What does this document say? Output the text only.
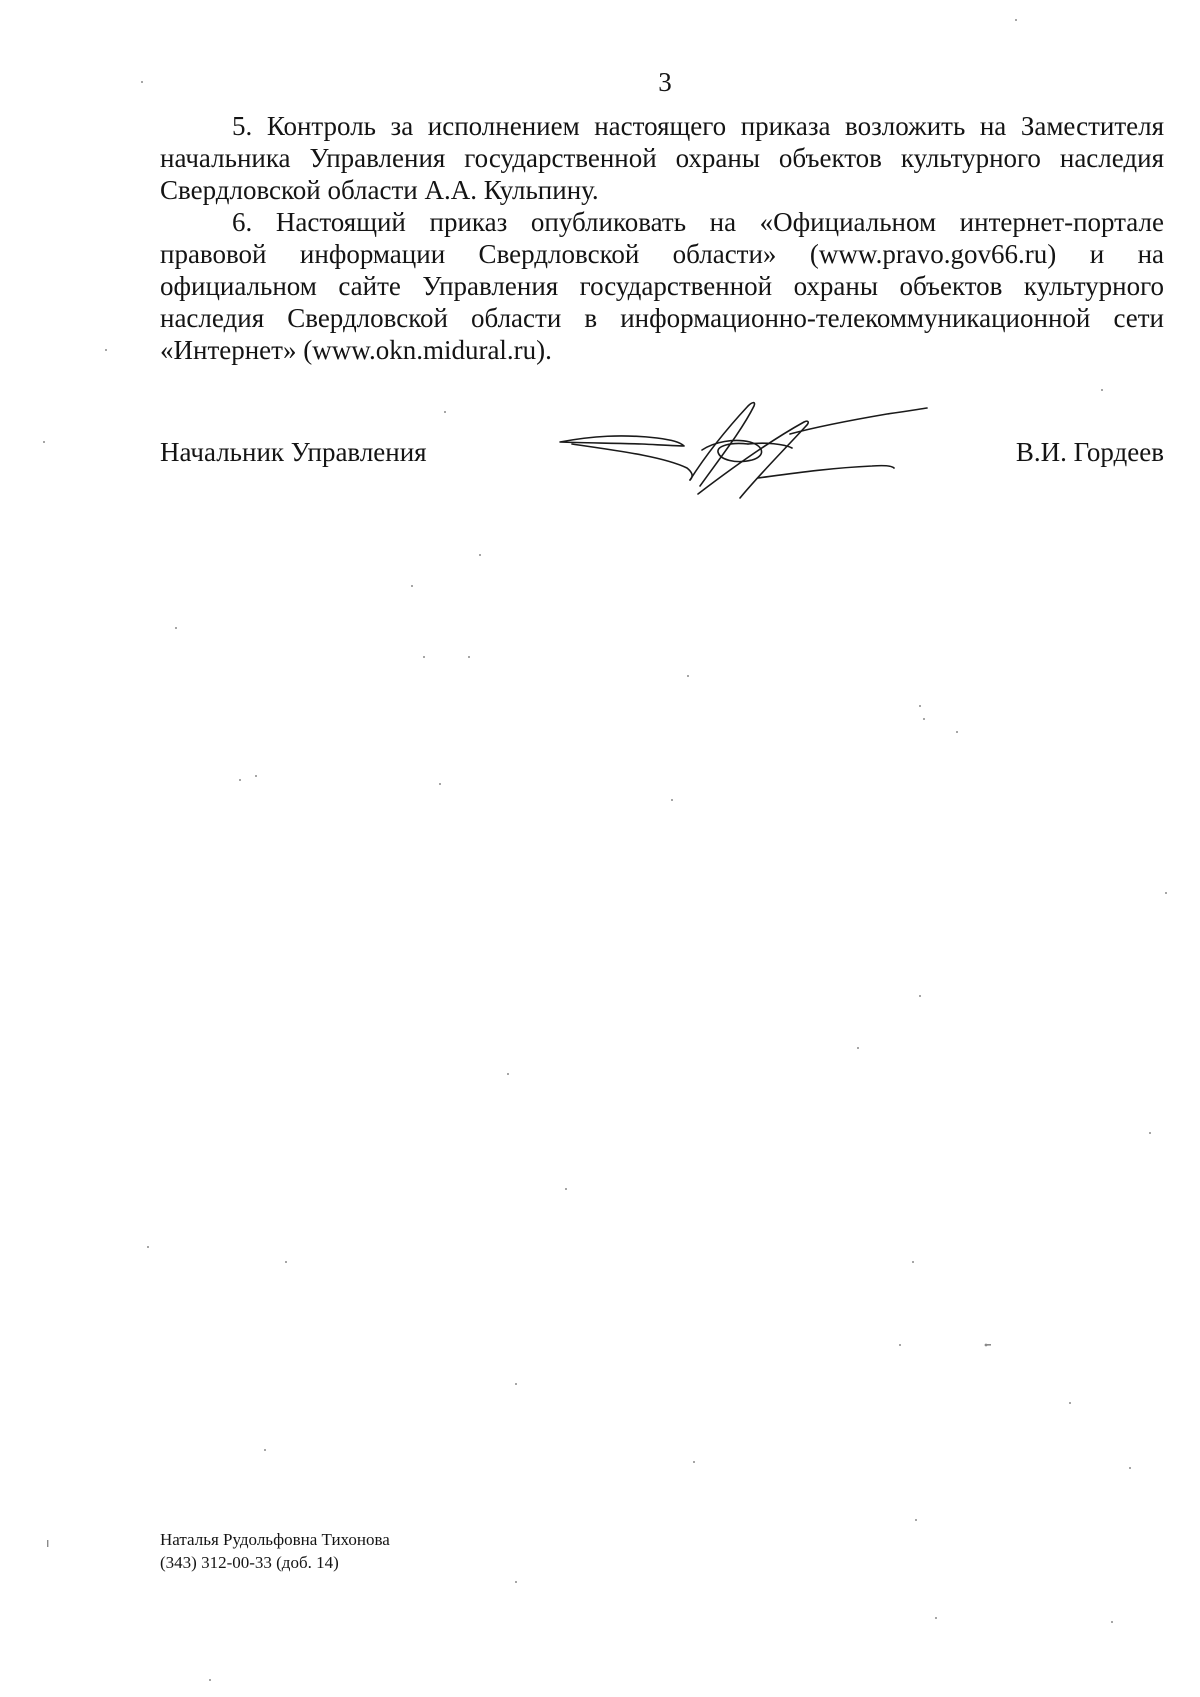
3

5. Контроль за исполнением настоящего приказа возложить на Заместителя начальника Управления государственной охраны объектов культурного наследия Свердловской области А.А. Кульпину.

6. Настоящий приказ опубликовать на «Официальном интернет-портале правовой информации Свердловской области» (www.pravo.gov66.ru) и на официальном сайте Управления государственной охраны объектов культурного наследия Свердловской области в информационно-телекоммуникационной сети «Интернет» (www.okn.midural.ru).

Начальник Управления	В.И. Гордеев
Наталья Рудольфовна Тихонова
(343) 312-00-33 (доб. 14)
